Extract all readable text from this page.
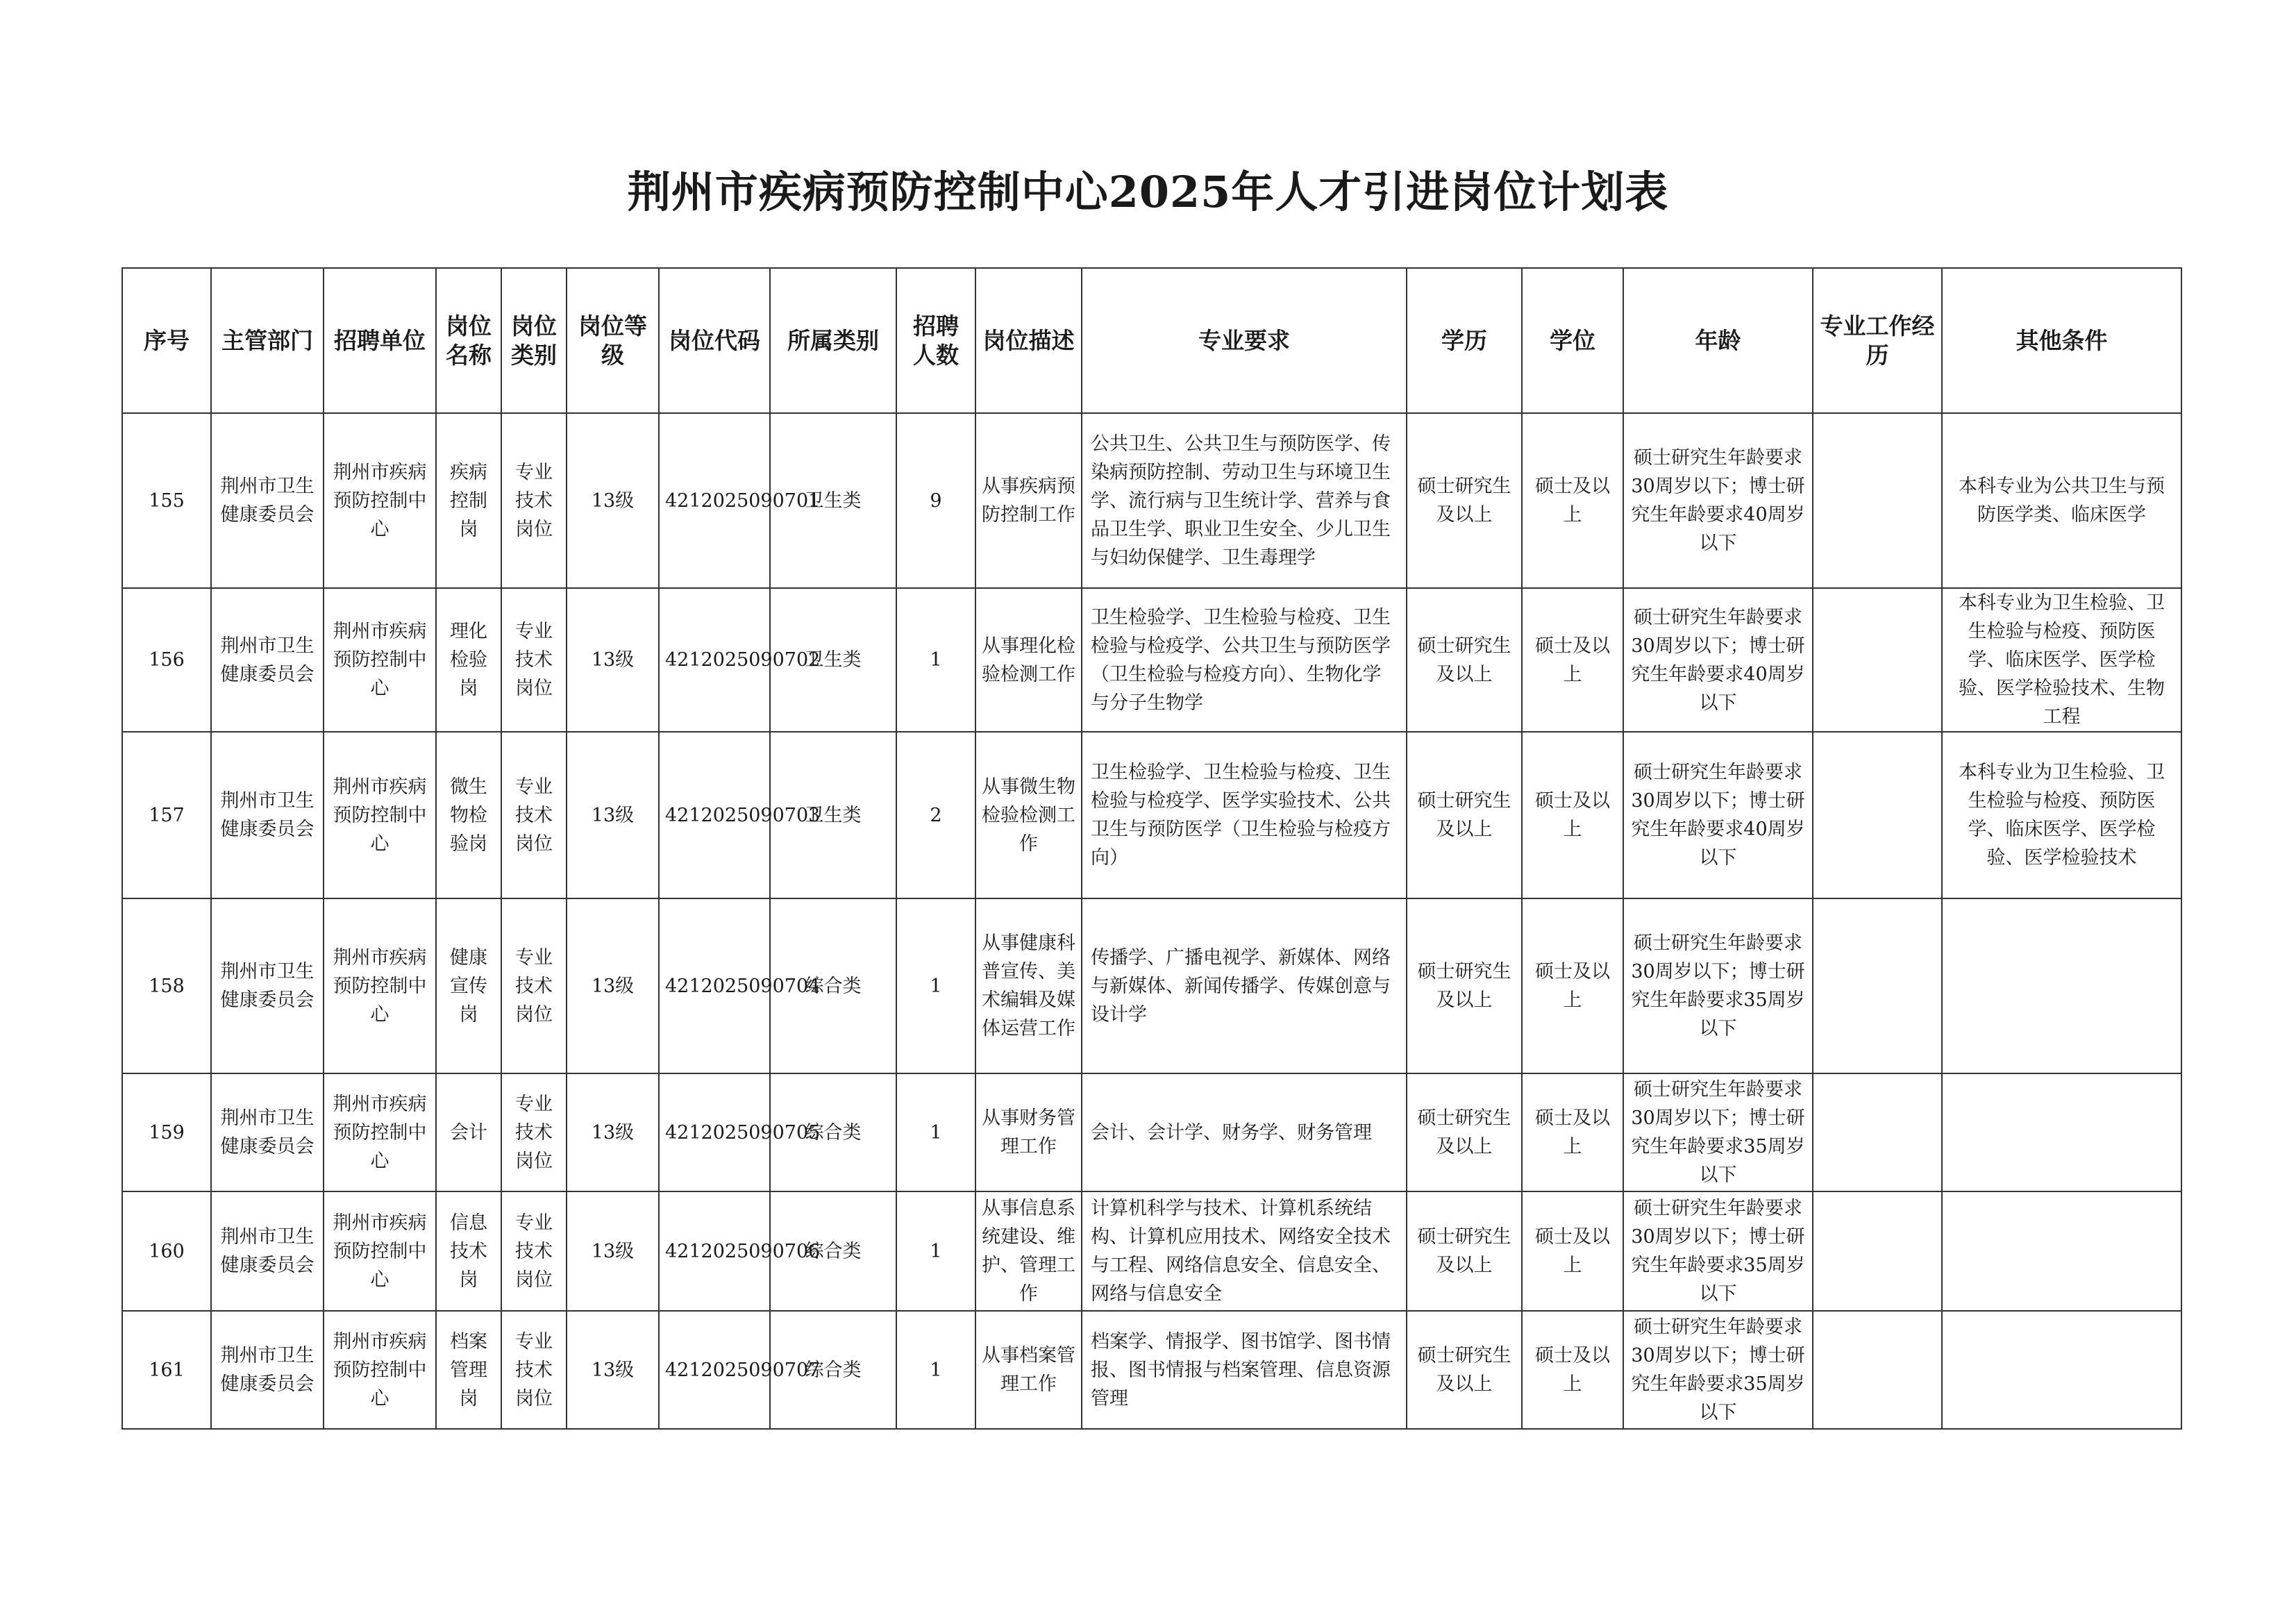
荆州市疾病预防控制中心2025年人才引进岗位计划表
序号	主管部门	招聘单位	岗位名称	岗位类别	岗位等级	岗位代码	所属类别	招聘人数	岗位描述	专业要求	学历	学位	年龄	专业工作经历	其他条件
155	荆州市卫生健康委员会	荆州市疾病预防控制中心	疾病控制岗	专业技术岗位	13级	4212025090701	卫生类	9	从事疾病预防控制工作	公共卫生、公共卫生与预防医学、传染病预防控制、劳动卫生与环境卫生学、流行病与卫生统计学、营养与食品卫生学、职业卫生安全、少儿卫生与妇幼保健学、卫生毒理学	硕士研究生及以上	硕士及以上	硕士研究生年龄要求30周岁以下；博士研究生年龄要求40周岁以下		本科专业为公共卫生与预防医学类、临床医学
156	荆州市卫生健康委员会	荆州市疾病预防控制中心	理化检验岗	专业技术岗位	13级	4212025090702	卫生类	1	从事理化检验检测工作	卫生检验学、卫生检验与检疫、卫生检验与检疫学、公共卫生与预防医学（卫生检验与检疫方向）、生物化学与分子生物学	硕士研究生及以上	硕士及以上	硕士研究生年龄要求30周岁以下；博士研究生年龄要求40周岁以下		本科专业为卫生检验、卫生检验与检疫、预防医学、临床医学、医学检验、医学检验技术、生物工程
157	荆州市卫生健康委员会	荆州市疾病预防控制中心	微生物检验岗	专业技术岗位	13级	4212025090703	卫生类	2	从事微生物检验检测工作	卫生检验学、卫生检验与检疫、卫生检验与检疫学、医学实验技术、公共卫生与预防医学（卫生检验与检疫方向）	硕士研究生及以上	硕士及以上	硕士研究生年龄要求30周岁以下；博士研究生年龄要求40周岁以下		本科专业为卫生检验、卫生检验与检疫、预防医学、临床医学、医学检验、医学检验技术
158	荆州市卫生健康委员会	荆州市疾病预防控制中心	健康宣传岗	专业技术岗位	13级	4212025090704	综合类	1	从事健康科普宣传、美术编辑及媒体运营工作	传播学、广播电视学、新媒体、网络与新媒体、新闻传播学、传媒创意与设计学	硕士研究生及以上	硕士及以上	硕士研究生年龄要求30周岁以下；博士研究生年龄要求35周岁以下		
159	荆州市卫生健康委员会	荆州市疾病预防控制中心	会计	专业技术岗位	13级	4212025090705	综合类	1	从事财务管理工作	会计、会计学、财务学、财务管理	硕士研究生及以上	硕士及以上	硕士研究生年龄要求30周岁以下；博士研究生年龄要求35周岁以下		
160	荆州市卫生健康委员会	荆州市疾病预防控制中心	信息技术岗	专业技术岗位	13级	4212025090706	综合类	1	从事信息系统建设、维护、管理工作	计算机科学与技术、计算机系统结构、计算机应用技术、网络安全技术与工程、网络信息安全、信息安全、网络与信息安全	硕士研究生及以上	硕士及以上	硕士研究生年龄要求30周岁以下；博士研究生年龄要求35周岁以下		
161	荆州市卫生健康委员会	荆州市疾病预防控制中心	档案管理岗	专业技术岗位	13级	4212025090707	综合类	1	从事档案管理工作	档案学、情报学、图书馆学、图书情报、图书情报与档案管理、信息资源管理	硕士研究生及以上	硕士及以上	硕士研究生年龄要求30周岁以下；博士研究生年龄要求35周岁以下		
